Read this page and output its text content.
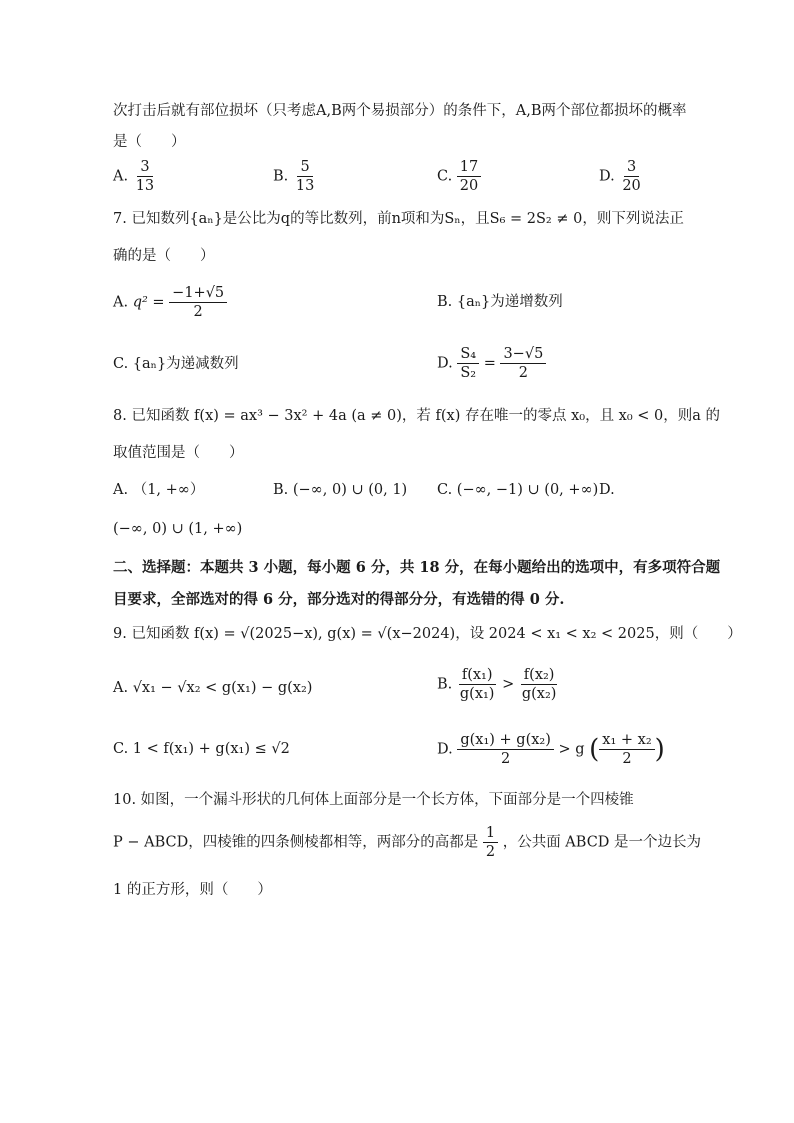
次打击后就有部位损坏（只考虑A,B两个易损部分）的条件下，A,B两个部位都损坏的概率
是（　　）
A. $\frac{3}{13}$	B. $\frac{5}{13}$	C. $\frac{17}{20}$	D. $\frac{3}{20}$
7. 已知数列{aₙ}是公比为q的等比数列，前n项和为Sₙ，且S₆ = 2S₂ ≠ 0，则下列说法正
确的是（　　）
A. $q^2 = \frac{-1+√5}{2}$	B. {aₙ}为递增数列
C. {aₙ}为递减数列	D. $\frac{\text{S₄}}{\text{S₂}} = \frac{3-√5}{2}$
8. 已知函数 f(x) = ax³ − 3x² + 4a (a ≠ 0)，若 f(x) 存在唯一的零点 x₀，且 x₀ < 0，则a 的
取值范围是（　　）
A. （1, +∞）	B. (−∞, 0) ∪ (0, 1) C. (−∞, −1) ∪ (0, +∞) D.
(−∞, 0) ∪ (1, +∞)
二、选择题：本题共 3 小题，每小题 6 分，共 18 分，在每小题给出的选项中，有多项符合题
目要求，全部选对的得 6 分，部分选对的得部分分，有选错的得 0 分.
9. 已知函数 f(x) = √(2025−x), g(x) = √(x−2024)，设 2024 < x₁ < x₂ < 2025，则（　　）
A. √x₁ − √x₂ < g(x₁) − g(x₂)	B. $\frac{\text{f(x₁)}}{\text{g(x₁)}} > \frac{\text{f(x₂)}}{\text{g(x₂)}}$
C. 1 < f(x₁) + g(x₁) ≤ √2	D. $\frac{\text{g(x₁) + g(x₂)}}{2} > g$ ( $\frac{\text{x₁ + x₂}}{2}$ )
10. 如图，一个漏斗形状的几何体上面部分是一个长方体，下面部分是一个四棱锥
P − ABCD，四棱锥的四条侧棱都相等，两部分的高都是 $\frac{1}{2}$ ，公共面 ABCD 是一个边长为
1 的正方形，则（　　）
